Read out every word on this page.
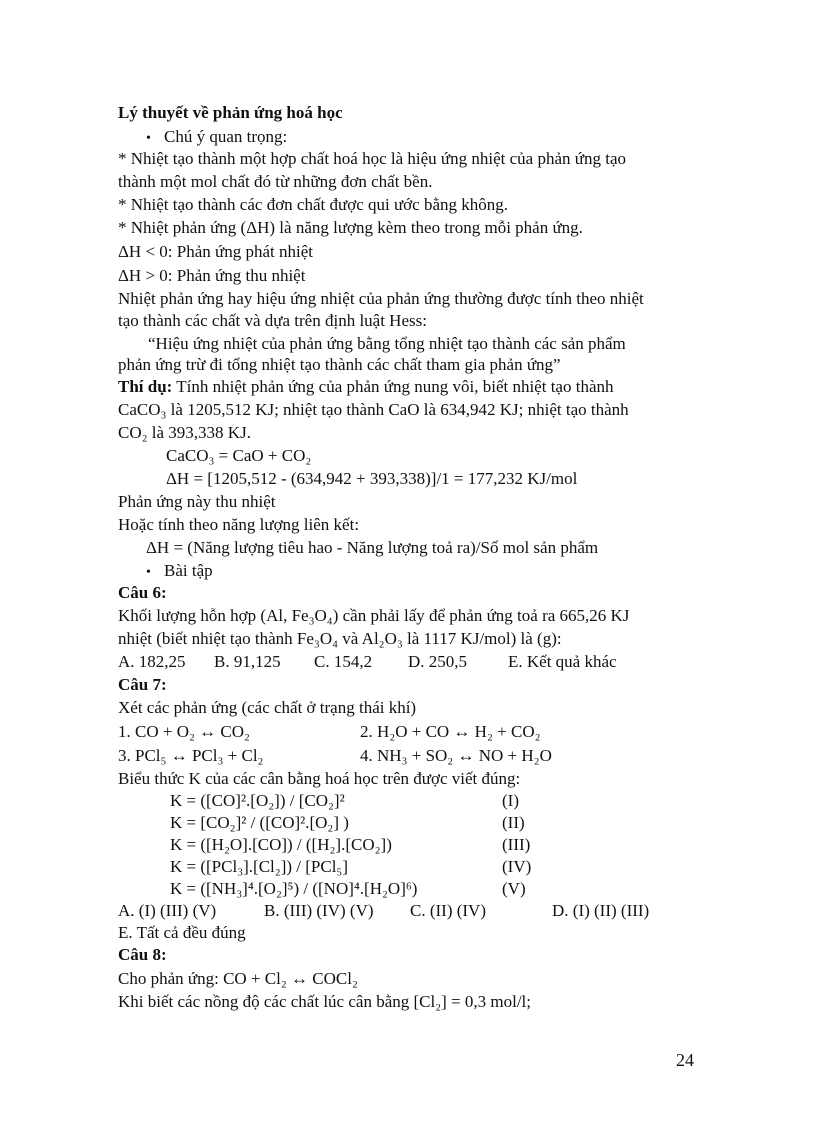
Lý thuyết về phản ứng hoá học
• Chú ý quan trọng:
* Nhiệt tạo thành một hợp chất hoá học là hiệu ứng nhiệt của phản ứng tạo
thành một mol chất đó từ những đơn chất bền.
* Nhiệt tạo thành các đơn chất được qui ước bằng không.
* Nhiệt phản ứng (ΔH) là năng lượng kèm theo trong mỗi phản ứng.
ΔH < 0: Phản ứng phát nhiệt
ΔH > 0: Phản ứng thu nhiệt
Nhiệt phản ứng hay hiệu ứng nhiệt của phản ứng thường được tính theo nhiệt
tạo thành các chất và dựa trên định luật Hess:
“Hiệu ứng nhiệt của phản ứng bằng tổng nhiệt tạo thành các sản phẩm
phản ứng trừ đi tổng nhiệt tạo thành các chất tham gia phản ứng”
Thí dụ: Tính nhiệt phản ứng của phản ứng nung vôi, biết nhiệt tạo thành
CaCO₃ là 1205,512 KJ; nhiệt tạo thành CaO là 634,942 KJ; nhiệt tạo thành
CO₂ là 393,338 KJ.
CaCO₃ = CaO + CO₂
ΔH = [1205,512 - (634,942 + 393,338)]/1 = 177,232 KJ/mol
Phản ứng này thu nhiệt
Hoặc tính theo năng lượng liên kết:
ΔH = (Năng lượng tiêu hao - Năng lượng toả ra)/Số mol sản phẩm
• Bài tập
Câu 6:
Khối lượng hỗn hợp (Al, Fe₃O₄) cần phải lấy để phản ứng toả ra 665,26 KJ
nhiệt (biết nhiệt tạo thành Fe₃O₄ và Al₂O₃ là 1117 KJ/mol) là (g):
A. 182,25 B. 91,125 C. 154,2 D. 250,5 E. Kết quả khác
Câu 7:
Xét các phản ứng (các chất ở trạng thái khí)
1. CO + O₂ ↔ CO₂	2. H₂O + CO ↔ H₂ + CO₂
3. PCl₅ ↔ PCl₃ + Cl₂	4. NH₃ + SO₂ ↔ NO + H₂O
Biểu thức K của các cân bằng hoá học trên được viết đúng:
K = ([CO]².[O₂]) / [CO₂]²	(I)
K = [CO₂]² / ([CO]².[O₂] )	(II)
K = ([H₂O].[CO]) / ([H₂].[CO₂])	(III)
K = ([PCl₃].[Cl₂]) / [PCl₅]	(IV)
K = ([NH₃]⁴.[O₂]⁵) / ([NO]⁴.[H₂O]⁶)	(V)
A. (I) (III) (V)	B. (III) (IV) (V) C. (II) (IV)	D. (I) (II) (III)
E. Tất cả đều đúng
Câu 8:
Cho phản ứng: CO + Cl₂ ↔ COCl₂
Khi biết các nồng độ các chất lúc cân bằng [Cl₂] = 0,3 mol/l;
24
